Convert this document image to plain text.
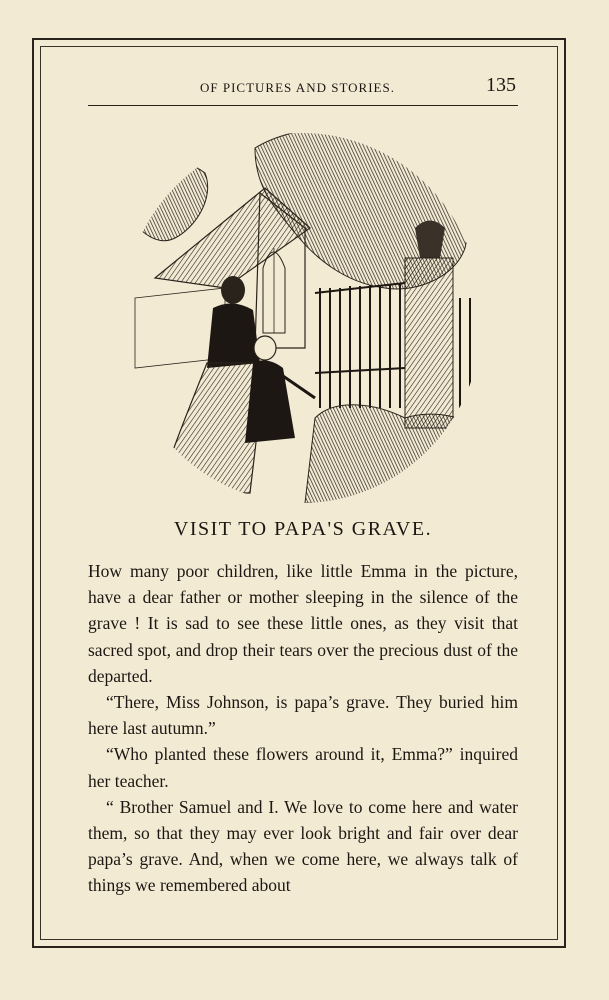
OF PICTURES AND STORIES.	135
VISIT TO PAPA'S GRAVE.

How many poor children, like little Emma in the picture, have a dear father or mother sleeping in the silence of the grave ! It is sad to see these little ones, as they visit that sacred spot, and drop their tears over the precious dust of the departed.

“There, Miss Johnson, is papa’s grave. They buried him here last autumn.”

“Who planted these flowers around it, Emma?” inquired her teacher.

“ Brother Samuel and I. We love to come here and water them, so that they may ever look bright and fair over dear papa’s grave. And, when we come here, we always talk of things we remembered about
